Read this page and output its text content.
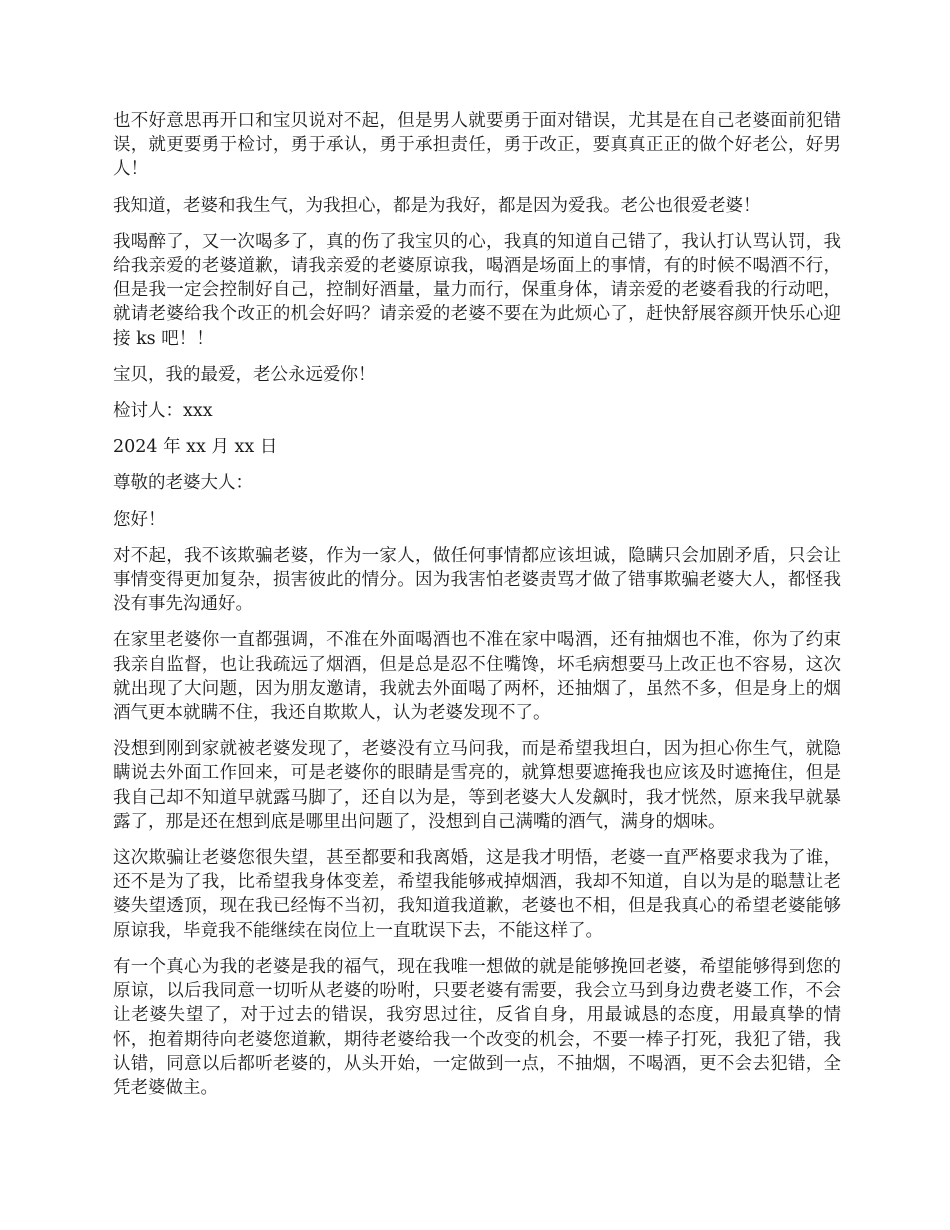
也不好意思再开口和宝贝说对不起，但是男人就要勇于面对错误，尤其是在自己老婆面前犯错误，就更要勇于检讨，勇于承认，勇于承担责任，勇于改正，要真真正正的做个好老公，好男人！

我知道，老婆和我生气，为我担心，都是为我好，都是因为爱我。老公也很爱老婆！

我喝醉了，又一次喝多了，真的伤了我宝贝的心，我真的知道自己错了，我认打认骂认罚，我给我亲爱的老婆道歉，请我亲爱的老婆原谅我，喝酒是场面上的事情，有的时候不喝酒不行，但是我一定会控制好自己，控制好酒量，量力而行，保重身体，请亲爱的老婆看我的行动吧，就请老婆给我个改正的机会好吗？请亲爱的老婆不要在为此烦心了，赶快舒展容颜开快乐心迎接 ks 吧！！

宝贝，我的最爱，老公永远爱你！

检讨人：xxx

2024 年 xx 月 xx 日

尊敬的老婆大人：

您好！

对不起，我不该欺骗老婆，作为一家人，做任何事情都应该坦诚，隐瞒只会加剧矛盾，只会让事情变得更加复杂，损害彼此的情分。因为我害怕老婆责骂才做了错事欺骗老婆大人，都怪我没有事先沟通好。

在家里老婆你一直都强调，不准在外面喝酒也不准在家中喝酒，还有抽烟也不准，你为了约束我亲自监督，也让我疏远了烟酒，但是总是忍不住嘴馋，坏毛病想要马上改正也不容易，这次就出现了大问题，因为朋友邀请，我就去外面喝了两杯，还抽烟了，虽然不多，但是身上的烟酒气更本就瞒不住，我还自欺欺人，认为老婆发现不了。

没想到刚到家就被老婆发现了，老婆没有立马问我，而是希望我坦白，因为担心你生气，就隐瞒说去外面工作回来，可是老婆你的眼睛是雪亮的，就算想要遮掩我也应该及时遮掩住，但是我自己却不知道早就露马脚了，还自以为是，等到老婆大人发飙时，我才恍然，原来我早就暴露了，那是还在想到底是哪里出问题了，没想到自己满嘴的酒气，满身的烟味。

这次欺骗让老婆您很失望，甚至都要和我离婚，这是我才明悟，老婆一直严格要求我为了谁，还不是为了我，比希望我身体变差，希望我能够戒掉烟酒，我却不知道，自以为是的聪慧让老婆失望透顶，现在我已经悔不当初，我知道我道歉，老婆也不相，但是我真心的希望老婆能够原谅我，毕竟我不能继续在岗位上一直耽误下去，不能这样了。

有一个真心为我的老婆是我的福气，现在我唯一想做的就是能够挽回老婆，希望能够得到您的原谅，以后我同意一切听从老婆的吩咐，只要老婆有需要，我会立马到身边费老婆工作，不会让老婆失望了，对于过去的错误，我穷思过往，反省自身，用最诚恳的态度，用最真挚的情怀，抱着期待向老婆您道歉，期待老婆给我一个改变的机会，不要一棒子打死，我犯了错，我认错，同意以后都听老婆的，从头开始，一定做到一点，不抽烟，不喝酒，更不会去犯错，全凭老婆做主。
